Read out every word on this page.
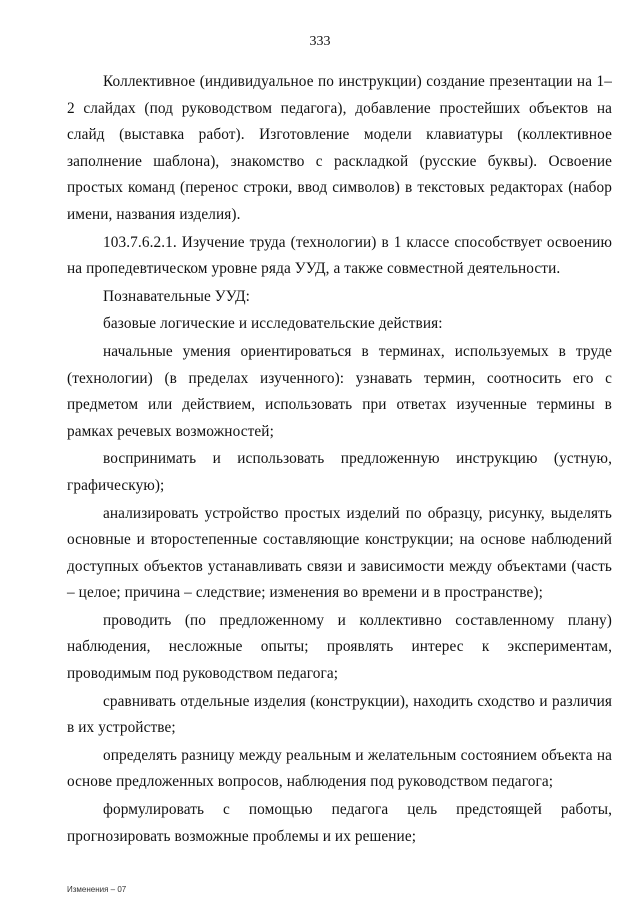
333

Коллективное (индивидуальное по инструкции) создание презентации на 1–2 слайдах (под руководством педагога), добавление простейших объектов на слайд (выставка работ). Изготовление модели клавиатуры (коллективное заполнение шаблона), знакомство с раскладкой (русские буквы). Освоение простых команд (перенос строки, ввод символов) в текстовых редакторах (набор имени, названия изделия).

103.7.6.2.1. Изучение труда (технологии) в 1 классе способствует освоению на пропедевтическом уровне ряда УУД, а также совместной деятельности.

Познавательные УУД:

базовые логические и исследовательские действия:

начальные умения ориентироваться в терминах, используемых в труде (технологии) (в пределах изученного): узнавать термин, соотносить его с предметом или действием, использовать при ответах изученные термины в рамках речевых возможностей;

воспринимать и использовать предложенную инструкцию (устную, графическую);

анализировать устройство простых изделий по образцу, рисунку, выделять основные и второстепенные составляющие конструкции; на основе наблюдений доступных объектов устанавливать связи и зависимости между объектами (часть – целое; причина – следствие; изменения во времени и в пространстве);

проводить (по предложенному и коллективно составленному плану) наблюдения, несложные опыты; проявлять интерес к экспериментам, проводимым под руководством педагога;

сравнивать отдельные изделия (конструкции), находить сходство и различия в их устройстве;

определять разницу между реальным и желательным состоянием объекта на основе предложенных вопросов, наблюдения под руководством педагога;

формулировать с помощью педагога цель предстоящей работы, прогнозировать возможные проблемы и их решение;

Изменения – 07
